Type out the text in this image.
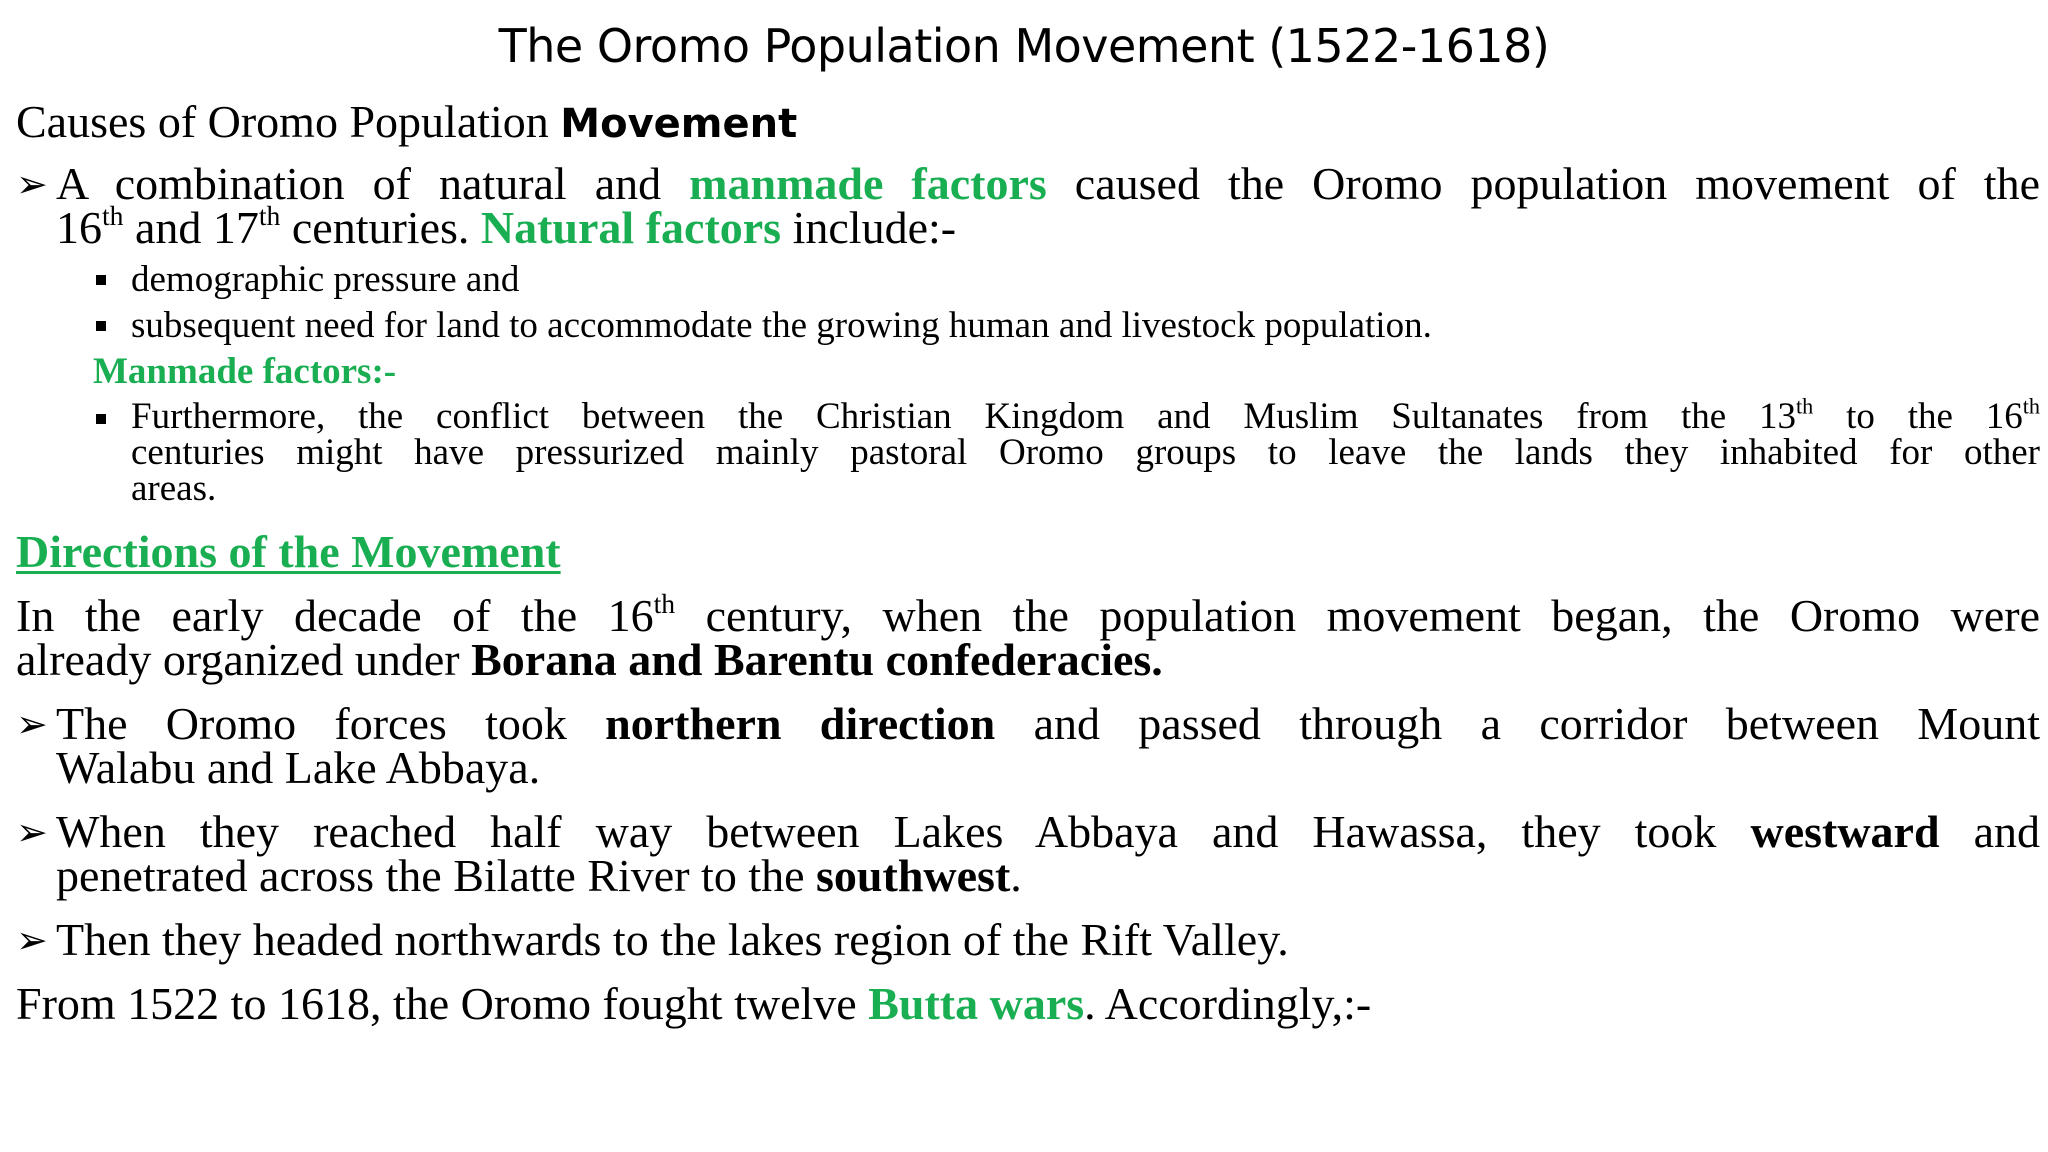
The Oromo Population Movement (1522-1618)
Causes of Oromo Population Movement
➢ A combination of natural and manmade factors caused the Oromo population movement of the
16th and 17th centuries. Natural factors include:-
demographic pressure and
subsequent need for land to accommodate the growing human and livestock population.
Manmade factors:-
Furthermore, the conflict between the Christian Kingdom and Muslim Sultanates from the 13th to the 16th
centuries might have pressurized mainly pastoral Oromo groups to leave the lands they inhabited for other
areas.
Directions of the Movement
In the early decade of the 16th century, when the population movement began, the Oromo were
already organized under Borana and Barentu confederacies.
➢ The Oromo forces took northern direction and passed through a corridor between Mount
Walabu and Lake Abbaya.
➢ When they reached half way between Lakes Abbaya and Hawassa, they took westward and
penetrated across the Bilatte River to the southwest.
➢ Then they headed northwards to the lakes region of the Rift Valley.
From 1522 to 1618, the Oromo fought twelve Butta wars. Accordingly,:-
